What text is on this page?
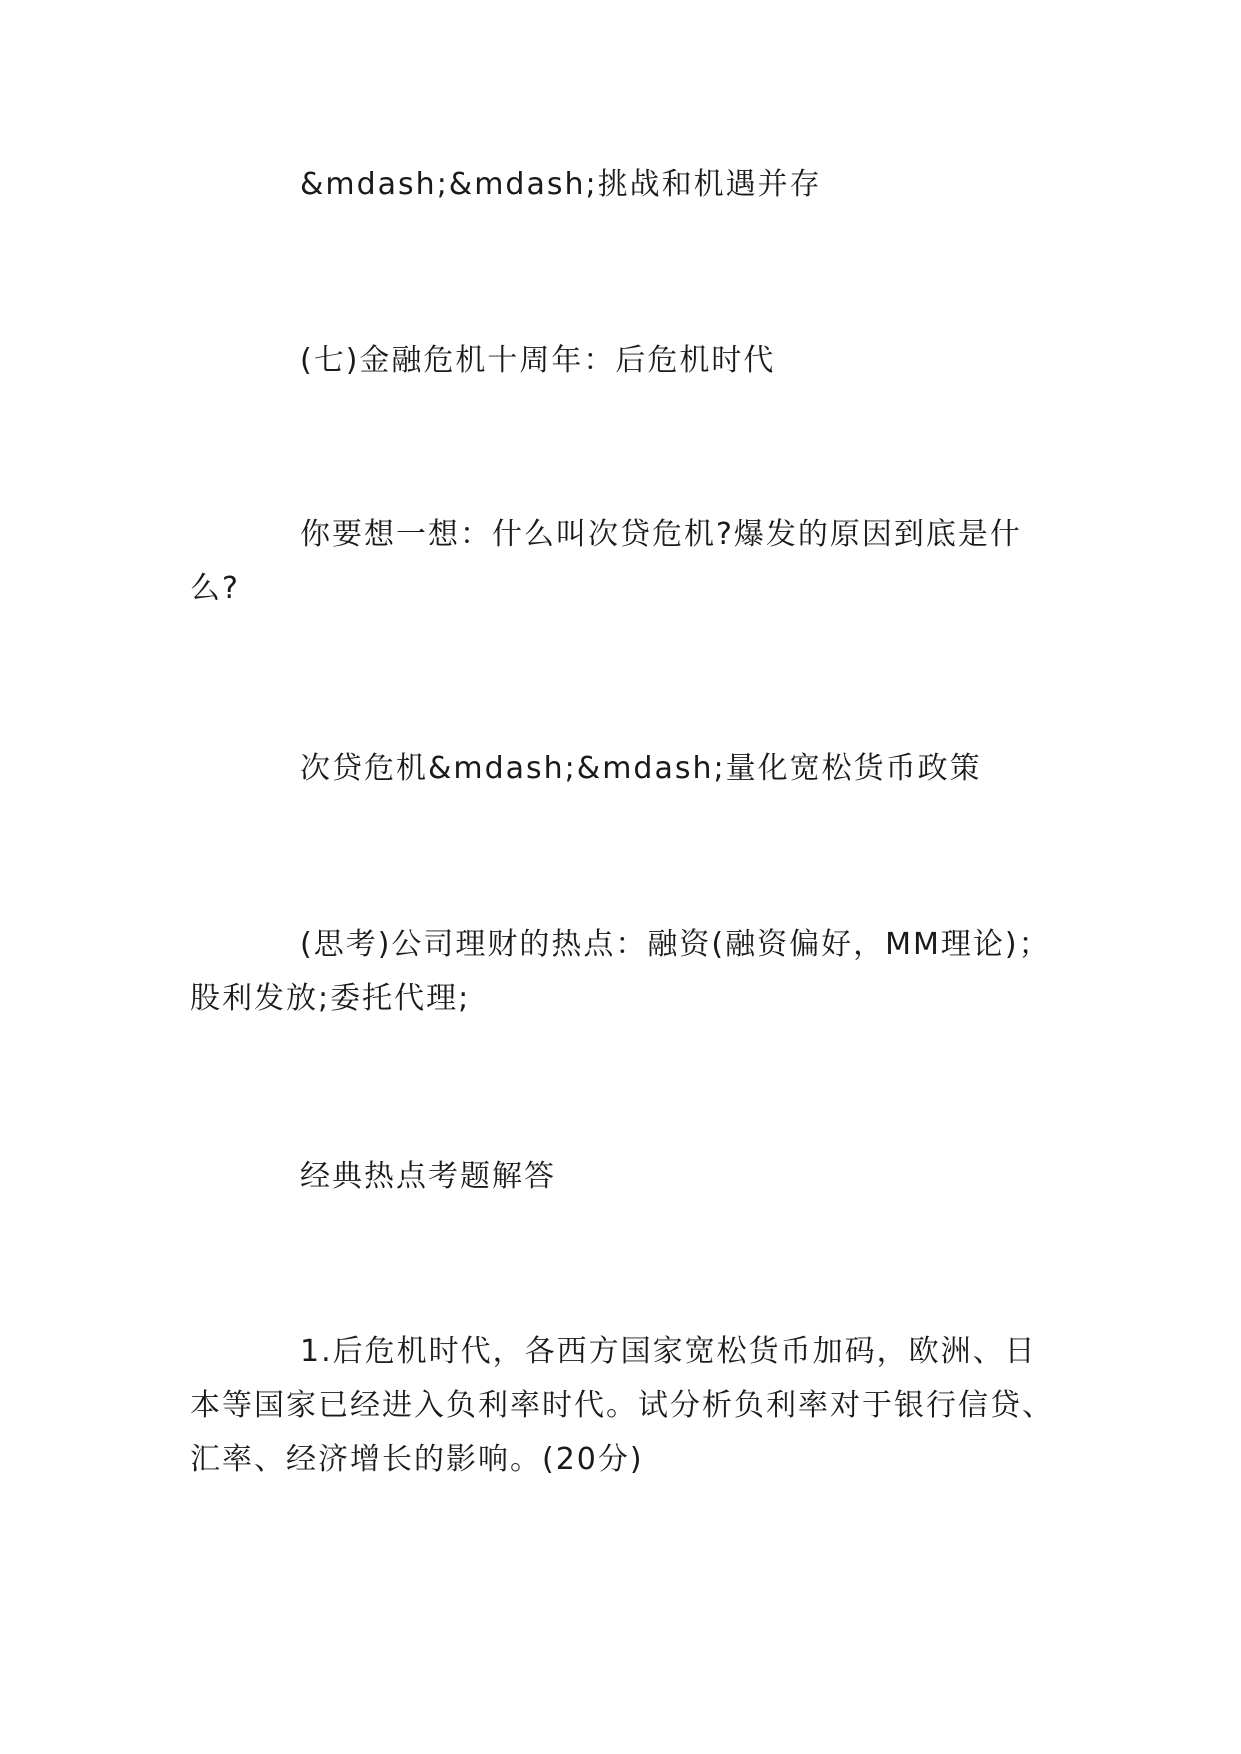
&mdash;&mdash;挑战和机遇并存

(七)金融危机十周年：后危机时代

你要想一想：什么叫次贷危机?爆发的原因到底是什么?

次贷危机&mdash;&mdash;量化宽松货币政策

(思考)公司理财的热点：融资(融资偏好，MM理论)；股利发放;委托代理;

经典热点考题解答

1.后危机时代，各西方国家宽松货币加码，欧洲、日本等国家已经进入负利率时代。试分析负利率对于银行信贷、汇率、经济增长的影响。(20分)
